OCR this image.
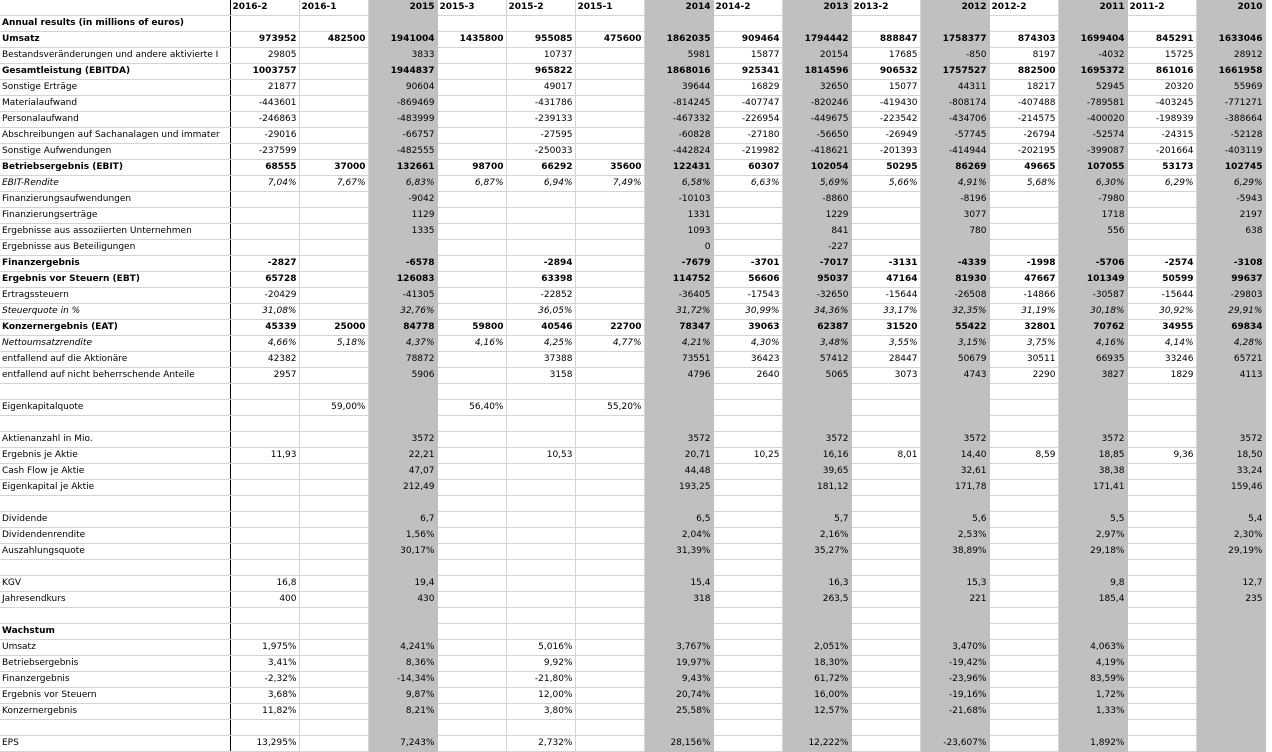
	2016-2	2016-1	2015	2015-3	2015-2	2015-1	2014	2014-2	2013	2013-2	2012	2012-2	2011	2011-2	2010
Annual results (in millions of euros)															
Umsatz	973952	482500	1941004	1435800	955085	475600	1862035	909464	1794442	888847	1758377	874303	1699404	845291	1633046
Bestandsveränderungen und andere aktivierte I	29805		3833		10737		5981	15877	20154	17685	-850	8197	-4032	15725	28912
Gesamtleistung (EBITDA)	1003757		1944837		965822		1868016	925341	1814596	906532	1757527	882500	1695372	861016	1661958
Sonstige Erträge	21877		90604		49017		39644	16829	32650	15077	44311	18217	52945	20320	55969
Materialaufwand	-443601		-869469		-431786		-814245	-407747	-820246	-419430	-808174	-407488	-789581	-403245	-771271
Personalaufwand	-246863		-483999		-239133		-467332	-226954	-449675	-223542	-434706	-214575	-400020	-198939	-388664
Abschreibungen auf Sachanalagen und immater	-29016		-66757		-27595		-60828	-27180	-56650	-26949	-57745	-26794	-52574	-24315	-52128
Sonstige Aufwendungen	-237599		-482555		-250033		-442824	-219982	-418621	-201393	-414944	-202195	-399087	-201664	-403119
Betriebsergebnis (EBIT)	68555	37000	132661	98700	66292	35600	122431	60307	102054	50295	86269	49665	107055	53173	102745
EBIT-Rendite	7,04%	7,67%	6,83%	6,87%	6,94%	7,49%	6,58%	6,63%	5,69%	5,66%	4,91%	5,68%	6,30%	6,29%	6,29%
Finanzierungsaufwendungen			-9042				-10103		-8860		-8196		-7980		-5943
Finanzierungserträge			1129				1331		1229		3077		1718		2197
Ergebnisse aus assoziierten Unternehmen			1335				1093		841		780		556		638
Ergebnisse aus Beteiligungen							0		-227						
Finanzergebnis	-2827		-6578		-2894		-7679	-3701	-7017	-3131	-4339	-1998	-5706	-2574	-3108
Ergebnis vor Steuern (EBT)	65728		126083		63398		114752	56606	95037	47164	81930	47667	101349	50599	99637
Ertragssteuern	-20429		-41305		-22852		-36405	-17543	-32650	-15644	-26508	-14866	-30587	-15644	-29803
Steuerquote in %	31,08%		32,76%		36,05%		31,72%	30,99%	34,36%	33,17%	32,35%	31,19%	30,18%	30,92%	29,91%
Konzernergebnis (EAT)	45339	25000	84778	59800	40546	22700	78347	39063	62387	31520	55422	32801	70762	34955	69834
Nettoumsatzrendite	4,66%	5,18%	4,37%	4,16%	4,25%	4,77%	4,21%	4,30%	3,48%	3,55%	3,15%	3,75%	4,16%	4,14%	4,28%
entfallend auf die Aktionäre	42382		78872		37388		73551	36423	57412	28447	50679	30511	66935	33246	65721
entfallend auf nicht beherrschende Anteile	2957		5906		3158		4796	2640	5065	3073	4743	2290	3827	1829	4113

Eigenkapitalquote		59,00%		56,40%		55,20%									

Aktienanzahl in Mio.			3572				3572		3572		3572		3572		3572
Ergebnis je Aktie	11,93		22,21		10,53		20,71	10,25	16,16	8,01	14,40	8,59	18,85	9,36	18,50
Cash Flow je Aktie			47,07				44,48		39,65		32,61		38,38		33,24
Eigenkapital je Aktie			212,49				193,25		181,12		171,78		171,41		159,46

Dividende			6,7				6,5		5,7		5,6		5,5		5,4
Dividendenrendite			1,56%				2,04%		2,16%		2,53%		2,97%		2,30%
Auszahlungsquote			30,17%				31,39%		35,27%		38,89%		29,18%		29,19%

KGV	16,8		19,4				15,4		16,3		15,3		9,8		12,7
Jahresendkurs	400		430				318		263,5		221		185,4		235

Wachstum															
Umsatz	1,975%		4,241%		5,016%		3,767%		2,051%		3,470%		4,063%		
Betriebsergebnis	3,41%		8,36%		9,92%		19,97%		18,30%		-19,42%		4,19%		
Finanzergebnis	-2,32%		-14,34%		-21,80%		9,43%		61,72%		-23,96%		83,59%		
Ergebnis vor Steuern	3,68%		9,87%		12,00%		20,74%		16,00%		-19,16%		1,72%		
Konzernergebnis	11,82%		8,21%		3,80%		25,58%		12,57%		-21,68%		1,33%		

EPS	13,295%		7,243%		2,732%		28,156%		12,222%		-23,607%		1,892%		
